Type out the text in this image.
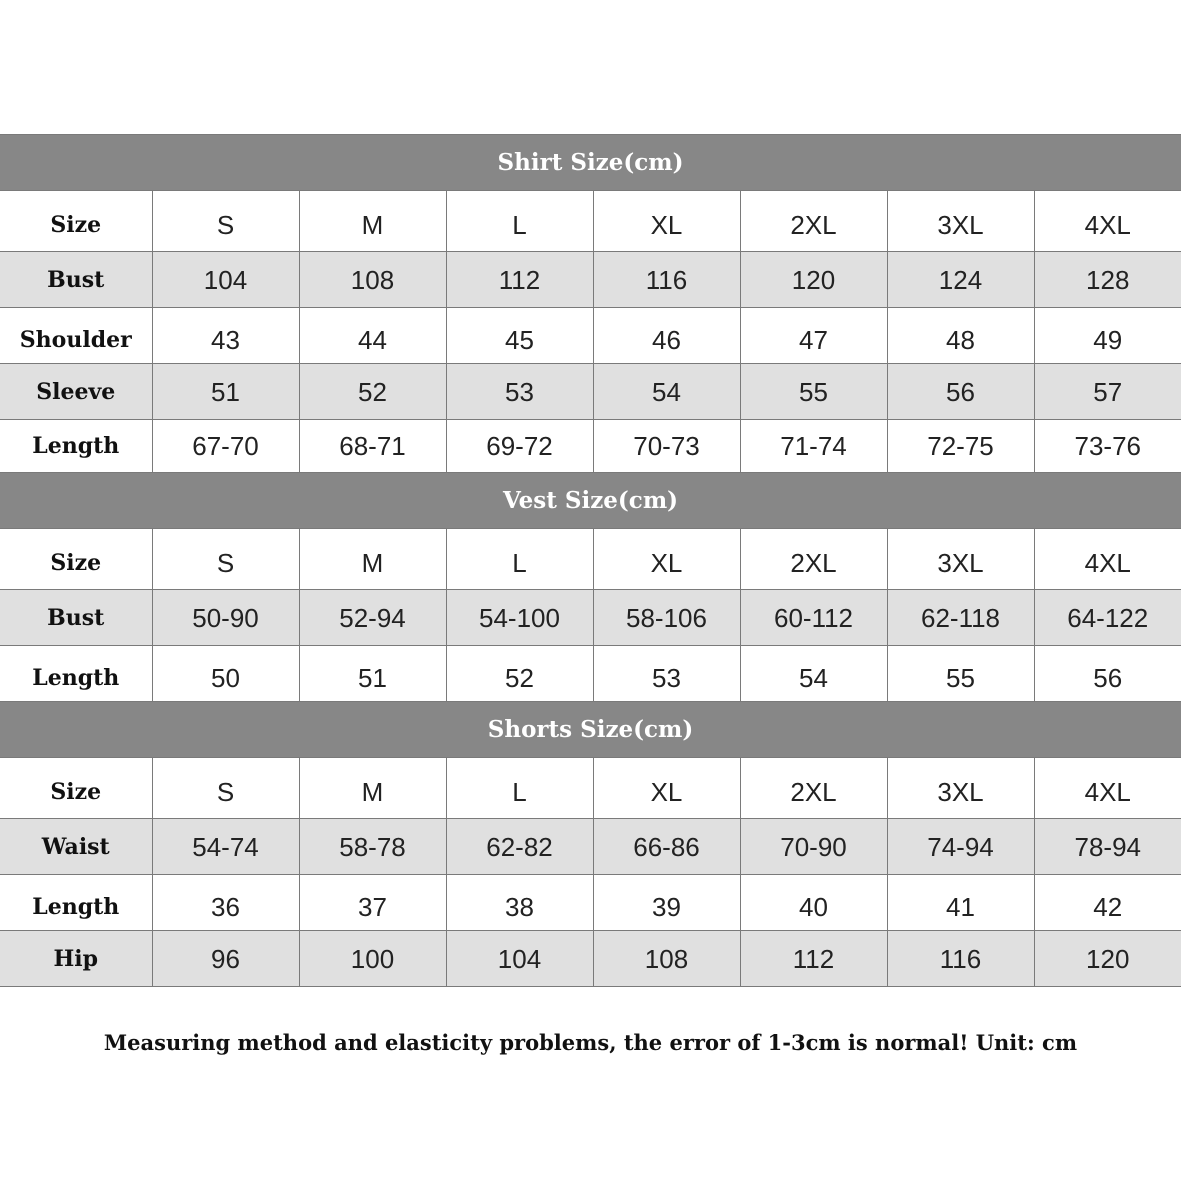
Shirt Size(cm)							
Size	S	M	L	XL	2XL	3XL	4XL
Bust	104	108	112	116	120	124	128
Shoulder	43	44	45	46	47	48	49
Sleeve	51	52	53	54	55	56	57
Length	67-70	68-71	69-72	70-73	71-74	72-75	73-76
Vest Size(cm)							
Size	S	M	L	XL	2XL	3XL	4XL
Bust	50-90	52-94	54-100	58-106	60-112	62-118	64-122
Length	50	51	52	53	54	55	56
Shorts Size(cm)							
Size	S	M	L	XL	2XL	3XL	4XL
Waist	54-74	58-78	62-82	66-86	70-90	74-94	78-94
Length	36	37	38	39	40	41	42
Hip	96	100	104	108	112	116	120
Measuring method and elasticity problems, the error of 1-3cm is normal! Unit: cm
